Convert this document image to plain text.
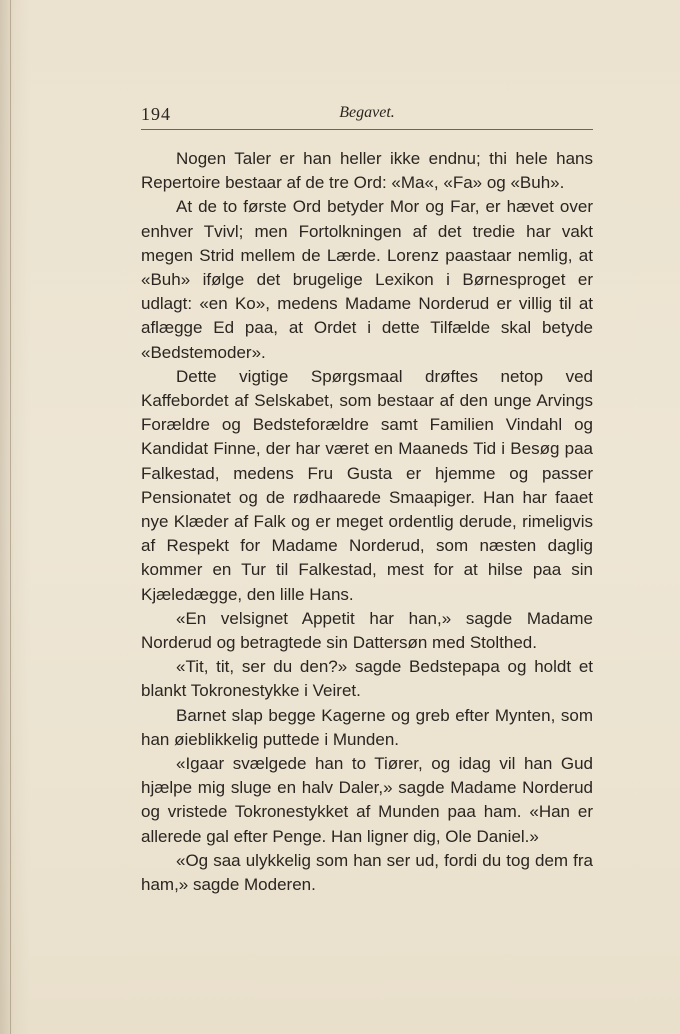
194	Begavet.

Nogen Taler er han heller ikke endnu; thi hele hans Repertoire bestaar af de tre Ord: «Ma«, «Fa» og «Buh».

At de to første Ord betyder Mor og Far, er hævet over enhver Tvivl; men Fortolkningen af det tredie har vakt megen Strid mellem de Lærde. Lorenz paastaar nemlig, at «Buh» ifølge det brugelige Lexikon i Børnesproget er udlagt: «en Ko», medens Madame Norderud er villig til at aflægge Ed paa, at Ordet i dette Tilfælde skal betyde «Bedstemoder».

Dette vigtige Spørgsmaal drøftes netop ved Kaffebordet af Selskabet, som bestaar af den unge Arvings Forældre og Bedsteforældre samt Familien Vindahl og Kandidat Finne, der har været en Maaneds Tid i Besøg paa Falkestad, medens Fru Gusta er hjemme og passer Pensionatet og de rødhaarede Smaapiger. Han har faaet nye Klæder af Falk og er meget ordentlig derude, rimeligvis af Respekt for Madame Norderud, som næsten daglig kommer en Tur til Falkestad, mest for at hilse paa sin Kjæledægge, den lille Hans.

«En velsignet Appetit har han,» sagde Madame Norderud og betragtede sin Dattersøn med Stolthed.

«Tit, tit, ser du den?» sagde Bedstepapa og holdt et blankt Tokronestykke i Veiret.

Barnet slap begge Kagerne og greb efter Mynten, som han øieblikkelig puttede i Munden.

«Igaar svælgede han to Tiører, og idag vil han Gud hjælpe mig sluge en halv Daler,» sagde Madame Norderud og vristede Tokronestykket af Munden paa ham. «Han er allerede gal efter Penge. Han ligner dig, Ole Daniel.»

«Og saa ulykkelig som han ser ud, fordi du tog dem fra ham,» sagde Moderen.
